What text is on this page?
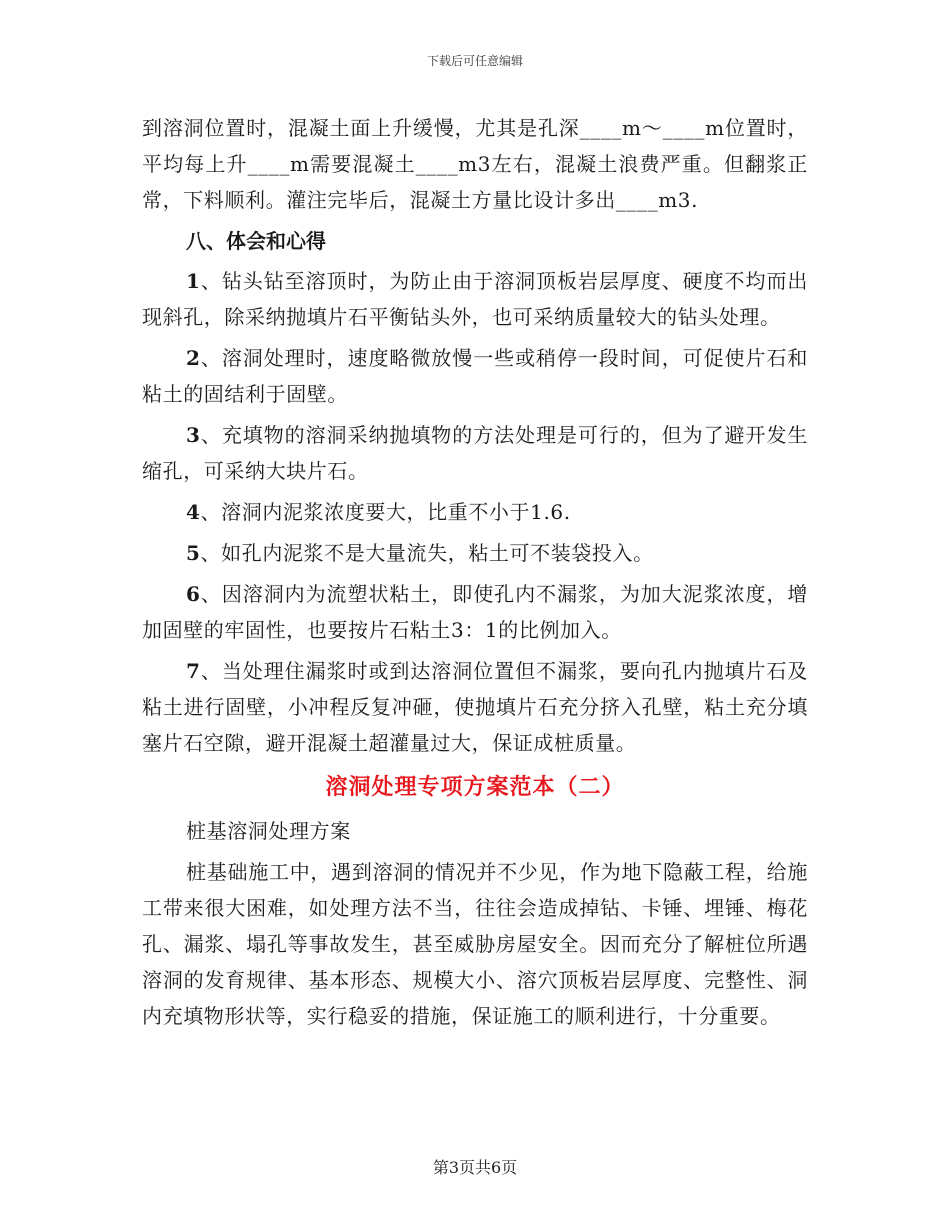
下载后可任意编辑

到溶洞位置时，混凝土面上升缓慢，尤其是孔深____m～____m位置时，平均每上升____m需要混凝土____m3左右，混凝土浪费严重。但翻浆正常，下料顺利。灌注完毕后，混凝土方量比设计多出____m3.

八、体会和心得

1、钻头钻至溶顶时，为防止由于溶洞顶板岩层厚度、硬度不均而出现斜孔，除采纳抛填片石平衡钻头外，也可采纳质量较大的钻头处理。

2、溶洞处理时，速度略微放慢一些或稍停一段时间，可促使片石和粘土的固结利于固壁。

3、充填物的溶洞采纳抛填物的方法处理是可行的，但为了避开发生缩孔，可采纳大块片石。

4、溶洞内泥浆浓度要大，比重不小于1.6.

5、如孔内泥浆不是大量流失，粘土可不装袋投入。

6、因溶洞内为流塑状粘土，即使孔内不漏浆，为加大泥浆浓度，增加固壁的牢固性，也要按片石粘土3：1的比例加入。

7、当处理住漏浆时或到达溶洞位置但不漏浆，要向孔内抛填片石及粘土进行固壁，小冲程反复冲砸，使抛填片石充分挤入孔壁，粘土充分填塞片石空隙，避开混凝土超灌量过大，保证成桩质量。

溶洞处理专项方案范本（二）

桩基溶洞处理方案

桩基础施工中，遇到溶洞的情况并不少见，作为地下隐蔽工程，给施工带来很大困难，如处理方法不当，往往会造成掉钻、卡锤、埋锤、梅花孔、漏浆、塌孔等事故发生，甚至威胁房屋安全。因而充分了解桩位所遇溶洞的发育规律、基本形态、规模大小、溶穴顶板岩层厚度、完整性、洞内充填物形状等，实行稳妥的措施，保证施工的顺利进行，十分重要。

第3页共6页
